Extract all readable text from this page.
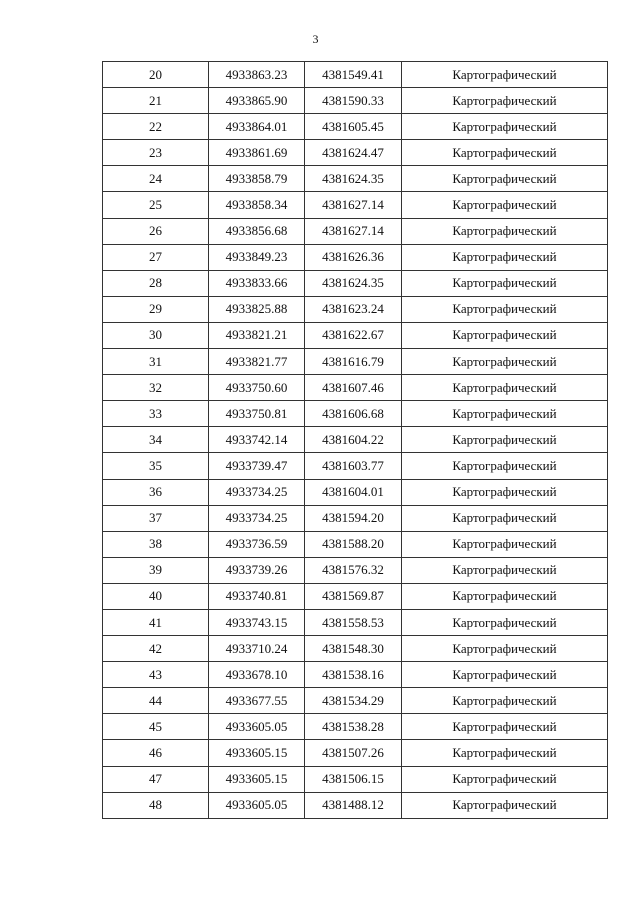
3
20	4933863.23	4381549.41	Картографический
21	4933865.90	4381590.33	Картографический
22	4933864.01	4381605.45	Картографический
23	4933861.69	4381624.47	Картографический
24	4933858.79	4381624.35	Картографический
25	4933858.34	4381627.14	Картографический
26	4933856.68	4381627.14	Картографический
27	4933849.23	4381626.36	Картографический
28	4933833.66	4381624.35	Картографический
29	4933825.88	4381623.24	Картографический
30	4933821.21	4381622.67	Картографический
31	4933821.77	4381616.79	Картографический
32	4933750.60	4381607.46	Картографический
33	4933750.81	4381606.68	Картографический
34	4933742.14	4381604.22	Картографический
35	4933739.47	4381603.77	Картографический
36	4933734.25	4381604.01	Картографический
37	4933734.25	4381594.20	Картографический
38	4933736.59	4381588.20	Картографический
39	4933739.26	4381576.32	Картографический
40	4933740.81	4381569.87	Картографический
41	4933743.15	4381558.53	Картографический
42	4933710.24	4381548.30	Картографический
43	4933678.10	4381538.16	Картографический
44	4933677.55	4381534.29	Картографический
45	4933605.05	4381538.28	Картографический
46	4933605.15	4381507.26	Картографический
47	4933605.15	4381506.15	Картографический
48	4933605.05	4381488.12	Картографический
